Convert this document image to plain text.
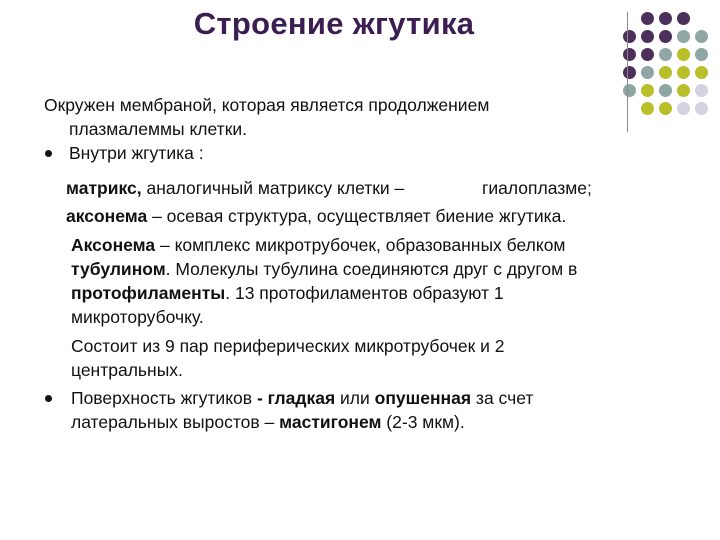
Строение жгутика
Окружен мембраной, которая является продолжением
плазмалеммы клетки.
Внутри жгутика :
матрикс, аналогичный матриксу клетки –	гиалоплазме;
аксонема – осевая структура, осуществляет биение жгутика.
Аксонема – комплекс микротрубочек, образованных белком
тубулином. Молекулы тубулина соединяются друг с другом в
протофиламенты. 13 протофиламентов образуют 1
микроторубочку.
Состоит из 9 пар периферических микротрубочек и 2
центральных.
Поверхность жгутиков - гладкая или опушенная за счет
латеральных выростов – мастигонем (2-3 мкм).
